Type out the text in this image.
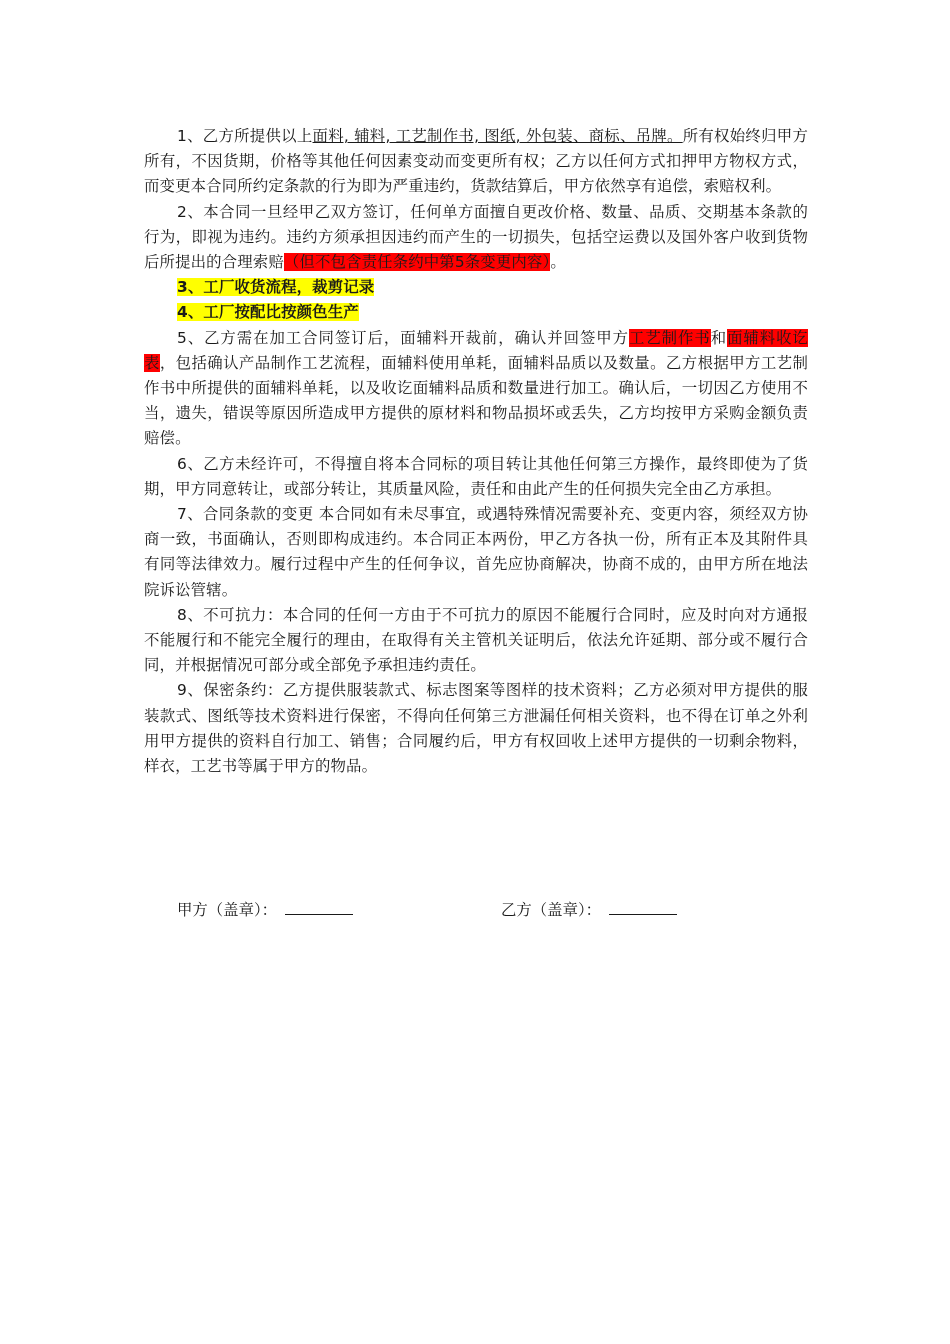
1、乙方所提供以上面料, 辅料, 工艺制作书, 图纸, 外包装、商标、吊牌。所有权始终归甲方所有，不因货期，价格等其他任何因素变动而变更所有权；乙方以任何方式扣押甲方物权方式，而变更本合同所约定条款的行为即为严重违约，货款结算后，甲方依然享有追偿，索赔权利。

2、本合同一旦经甲乙双方签订，任何单方面擅自更改价格、数量、品质、交期基本条款的行为，即视为违约。违约方须承担因违约而产生的一切损失，包括空运费以及国外客户收到货物后所提出的合理索赔（但不包含责任条约中第5条变更内容）。

3、工厂收货流程，裁剪记录

4、工厂按配比按颜色生产

5、乙方需在加工合同签订后，面辅料开裁前，确认并回签甲方工艺制作书和面辅料收讫表，包括确认产品制作工艺流程，面辅料使用单耗，面辅料品质以及数量。乙方根据甲方工艺制作书中所提供的面辅料单耗，以及收讫面辅料品质和数量进行加工。确认后，一切因乙方使用不当，遗失，错误等原因所造成甲方提供的原材料和物品损坏或丢失，乙方均按甲方采购金额负责赔偿。

6、乙方未经许可，不得擅自将本合同标的项目转让其他任何第三方操作，最终即使为了货期，甲方同意转让，或部分转让，其质量风险，责任和由此产生的任何损失完全由乙方承担。

7、合同条款的变更 本合同如有未尽事宜，或遇特殊情况需要补充、变更内容，须经双方协商一致，书面确认，否则即构成违约。本合同正本两份，甲乙方各执一份，所有正本及其附件具有同等法律效力。履行过程中产生的任何争议，首先应协商解决，协商不成的，由甲方所在地法院诉讼管辖。

8、不可抗力：本合同的任何一方由于不可抗力的原因不能履行合同时，应及时向对方通报不能履行和不能完全履行的理由，在取得有关主管机关证明后，依法允许延期、部分或不履行合同，并根据情况可部分或全部免予承担违约责任。

9、保密条约：乙方提供服装款式、标志图案等图样的技术资料；乙方必须对甲方提供的服装款式、图纸等技术资料进行保密，不得向任何第三方泄漏任何相关资料，也不得在订单之外利用甲方提供的资料自行加工、销售；合同履约后，甲方有权回收上述甲方提供的一切剩余物料，样衣，工艺书等属于甲方的物品。

甲方（盖章）：	乙方（盖章）：
